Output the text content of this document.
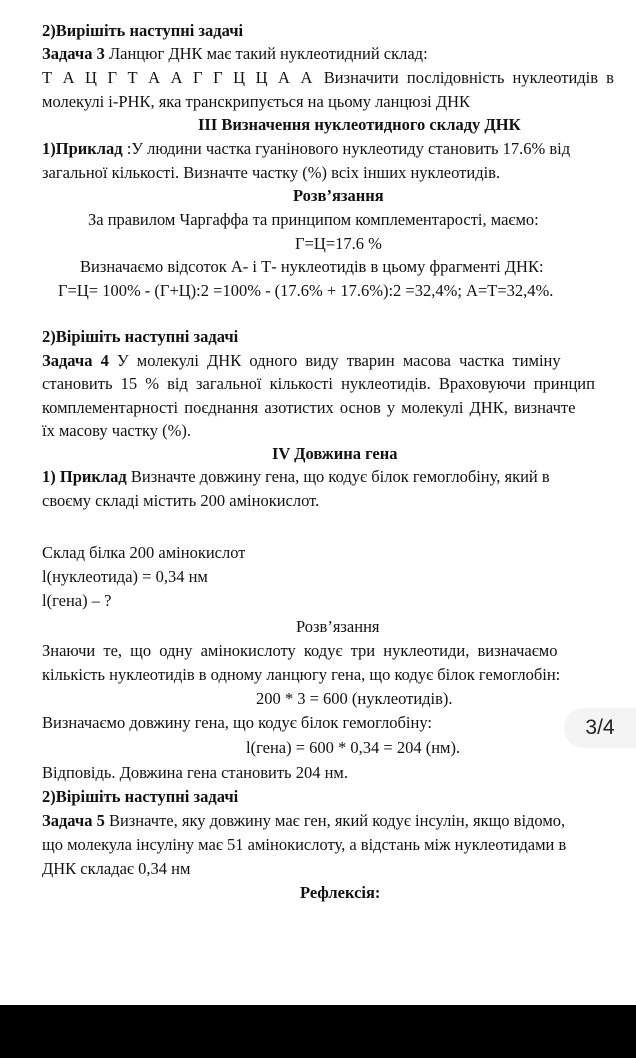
2)Вирішіть наступні задачі
Задача 3 Ланцюг ДНК має такий нуклеотидний склад:
Т А Ц Г Т А А Г Г Ц Ц А А Визначити послідовність нуклеотидів в
молекулі і-РНК, яка транскрипується на цьому ланцюзі ДНК
ІІІ Визначення нуклеотидного складу ДНК
1)Приклад :У людини частка гуанінового нуклеотиду становить 17.6% від
загальної кількості. Визначте частку (%) всіх інших нуклеотидів.
Розв’язання
За правилом Чаргаффа та принципом комплементарості, маємо:
Г=Ц=17.6 %
Визначаємо відсоток А- і Т- нуклеотидів в цьому фрагменті ДНК:
Г=Ц= 100% - (Г+Ц):2 =100% - (17.6% + 17.6%):2 =32,4%; А=Т=32,4%.
2)Вiрішіть наступні задачі
Задача 4 У молекулі ДНК одного виду тварин масова частка тиміну
становить 15 % від загальної кількості нуклеотидів. Враховуючи принцип
комплементарності поєднання азотистих основ у молекулі ДНК, визначте
їх масову частку (%).
IV Довжина гена
1) Приклад Визначте довжину гена, що кодує білок гемоглобіну, який в
своєму складі містить 200 амінокислот.
Склад білка 200 амінокислот
l(нуклеотида) = 0,34 нм
l(гена) – ?
Розв’язання
Знаючи те, що одну амінокислоту кодує три нуклеотиди, визначаємо
кількість нуклеотидів в одному ланцюгу гена, що кодує білок гемоглобін:
200 * 3 = 600 (нуклеотидів).
Визначаємо довжину гена, що кодує білок гемоглобіну:
l(гена) = 600 * 0,34 = 204 (нм).
Відповідь. Довжина гена становить 204 нм.
2)Вірішіть наступні задачі
Задача 5 Визначте, яку довжину має ген, який кодує інсулін, якщо відомо,
що молекула інсуліну має 51 амінокислоту, а відстань між нуклеотидами в
ДНК складає 0,34 нм
Рефлексія:
3/4
